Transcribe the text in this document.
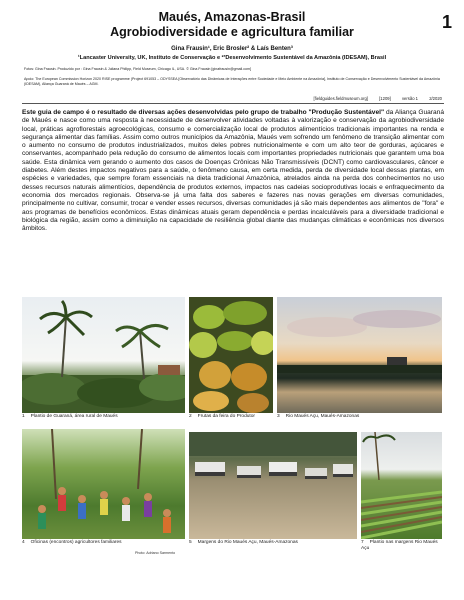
Maués, Amazonas-Brasil
Agrobiodiversidade e agricultura familiar	1
Gina Frausin¹, Eric Brosler² & Laís Benten³
¹Lancaster University, UK, Instituto de Conservação e ²³Desenvolvimento Sustentável da Amazônia (IDESAM), Brasil
Fotos: Gina Frausin. Produzido por : Gina Frausin & Juliana Philipp, Field Museum, Chicago IL, USA. © Gina Frausin [ginafrausin@gmail.com]
Apoio: The European Commission Horizon 2020 RISE programme (Project 691053 – ODYSSEA [Observatório das Dinâmicas de Interações entre Sociedade e Meio Ambiente na Amazônia], Instituto de Conservação e Desenvolvimento Sustentável da Amazônia (IDESAM), Aliança Guaraná de Maués – AGM.
[fieldguides.fieldmuseum.org]	[1209]	versão 1	2/2020
Este guia de campo é o resultado de diversas ações desenvolvidas pelo grupo de trabalho "Produção Sustentável" da Aliança Guaraná de Maués e nasce como uma resposta à necessidade de desenvolver atividades voltadas à valorização e conservação da agrobiodiversidade local, práticas agroflorestais agroecológicas, consumo e comercialização local de produtos alimentícios tradicionais importantes na renda e segurança alimentar das famílias. Assim como outros municípios da Amazônia, Maués vem sofrendo um fenômeno de transição alimentar com o aumento no consumo de produtos industrializados, muitos deles pobres nutricionalmente e com um alto teor de gorduras, açúcares e conservantes, acompanhado pela redução do consumo de alimentos locais com importantes propriedades nutricionais que garantem uma boa saúde. Esta dinâmica vem gerando o aumento dos casos de Doenças Crônicas Não Transmissíveis (DCNT) como cardiovasculares, câncer e diabetes. Além destes impactos negativos para a saúde, o fenômeno causa, em certa medida, perda de diversidade local dessas plantas, em espécies e variedades, que sempre foram essenciais na dieta tradicional Amazônica, atrelados ainda na perda dos conhecimentos no uso desses recursos naturais alimentícios, dependência de produtos externos, impactos nas cadeias socioprodutivas locais e enfraquecimento da economia dos mercados regionais. Observa-se já uma falta dos saberes e fazeres nas novas gerações em diversas comunidades, principalmente no cultivar, consumir, trocar e vender esses recursos, diversas comunidades já são mais dependentes aos alimentos de "fora" e aos programas de benefícios econômicos. Estas dinâmicas atuais geram dependência e perdas incalculáveis para a diversidade tradicional e biológica da região, assim como a diminuição na capacidade de resiliência global diante das mudanças climáticas e econômicas nos diversos âmbitos.
1 Plantio de Guaraná, área rural de Maués	2 Frutas da feira do Produtor	3 Rio Maués Açu, Maués-Amazonas
4 Oficinas (encontros) agricultores familiares	5 Margens do Rio Maués Açu, Maués-Amazonas	7 Plantio nas margens Rio Maués Açu
Photo: Adriano Sarmento
